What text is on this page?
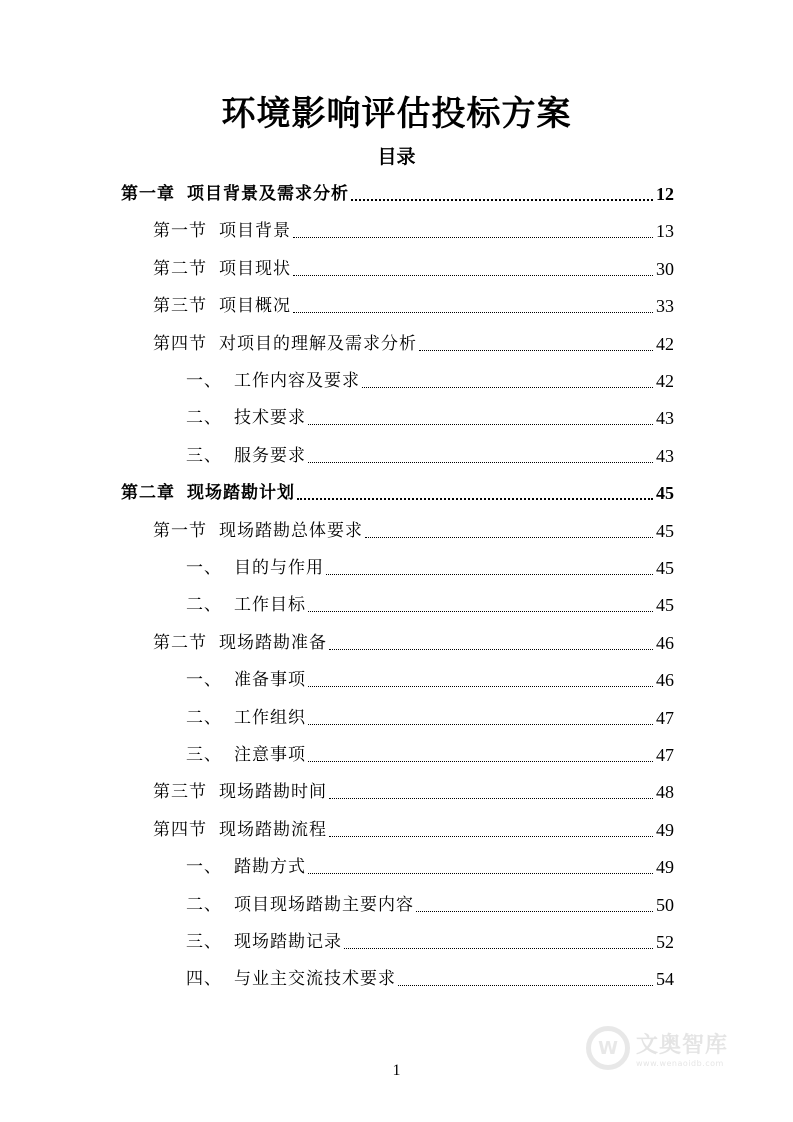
环境影响评估投标方案
目录
第一章 项目背景及需求分析	12
第一节 项目背景	13
第二节 项目现状	30
第三节 项目概况	33
第四节 对项目的理解及需求分析	42
一、 工作内容及要求	42
二、 技术要求	43
三、 服务要求	43
第二章 现场踏勘计划	45
第一节 现场踏勘总体要求	45
一、 目的与作用	45
二、 工作目标	45
第二节 现场踏勘准备	46
一、 准备事项	46
二、 工作组织	47
三、 注意事项	47
第三节 现场踏勘时间	48
第四节 现场踏勘流程	49
一、 踏勘方式	49
二、 项目现场踏勘主要内容	50
三、 现场踏勘记录	52
四、 与业主交流技术要求	54
W 文奥智库
www.wenaoidb.com
1
